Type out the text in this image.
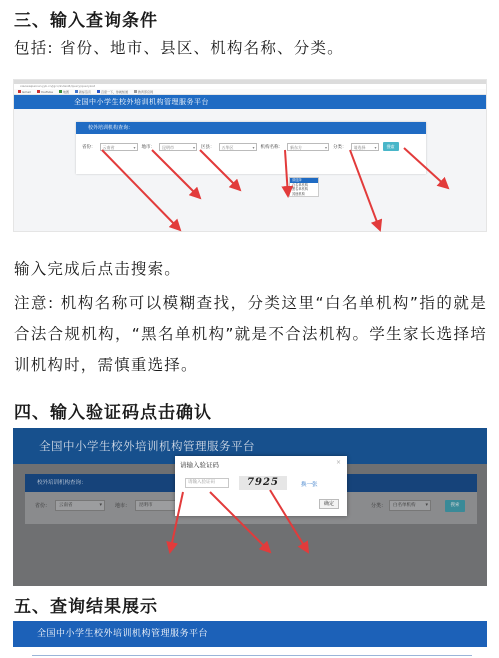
三、输入查询条件
包括: 省份、地市、县区、机构名称、分类。
xiaowaipeixun.jyb.cn/jgcx/index#/query/queryList
Gmail	YouTube	地图	新标签页	百度一下，你就知道	教育部官网
全国中小学生校外培训机构管理服务平台
校外培训机构查询：
省份：	云南省 ▾	地市：	昆明市 ▾	区县：	五华区 ▾	机构名称：	新东方 ▾	分类：	请选择 ▾	搜索
请选择
白名单机构
黑名单机构
其他机构
输入完成后点击搜索。
注意: 机构名称可以模糊查找，分类这里“白名单机构”指的就是合法合规机构，“黑名单机构”就是不合法机构。学生家长选择培训机构时，需慎重选择。
四、输入验证码点击确认
全国中小学生校外培训机构管理服务平台
校外培训机构查询：
省份：	云南省 ▾	地市：	昆明市 ▾	分类：	白名单机构 ▾	搜索
请输入验证码	×
请输入验证码	7925	换一张
确定
五、查询结果展示
全国中小学生校外培训机构管理服务平台
